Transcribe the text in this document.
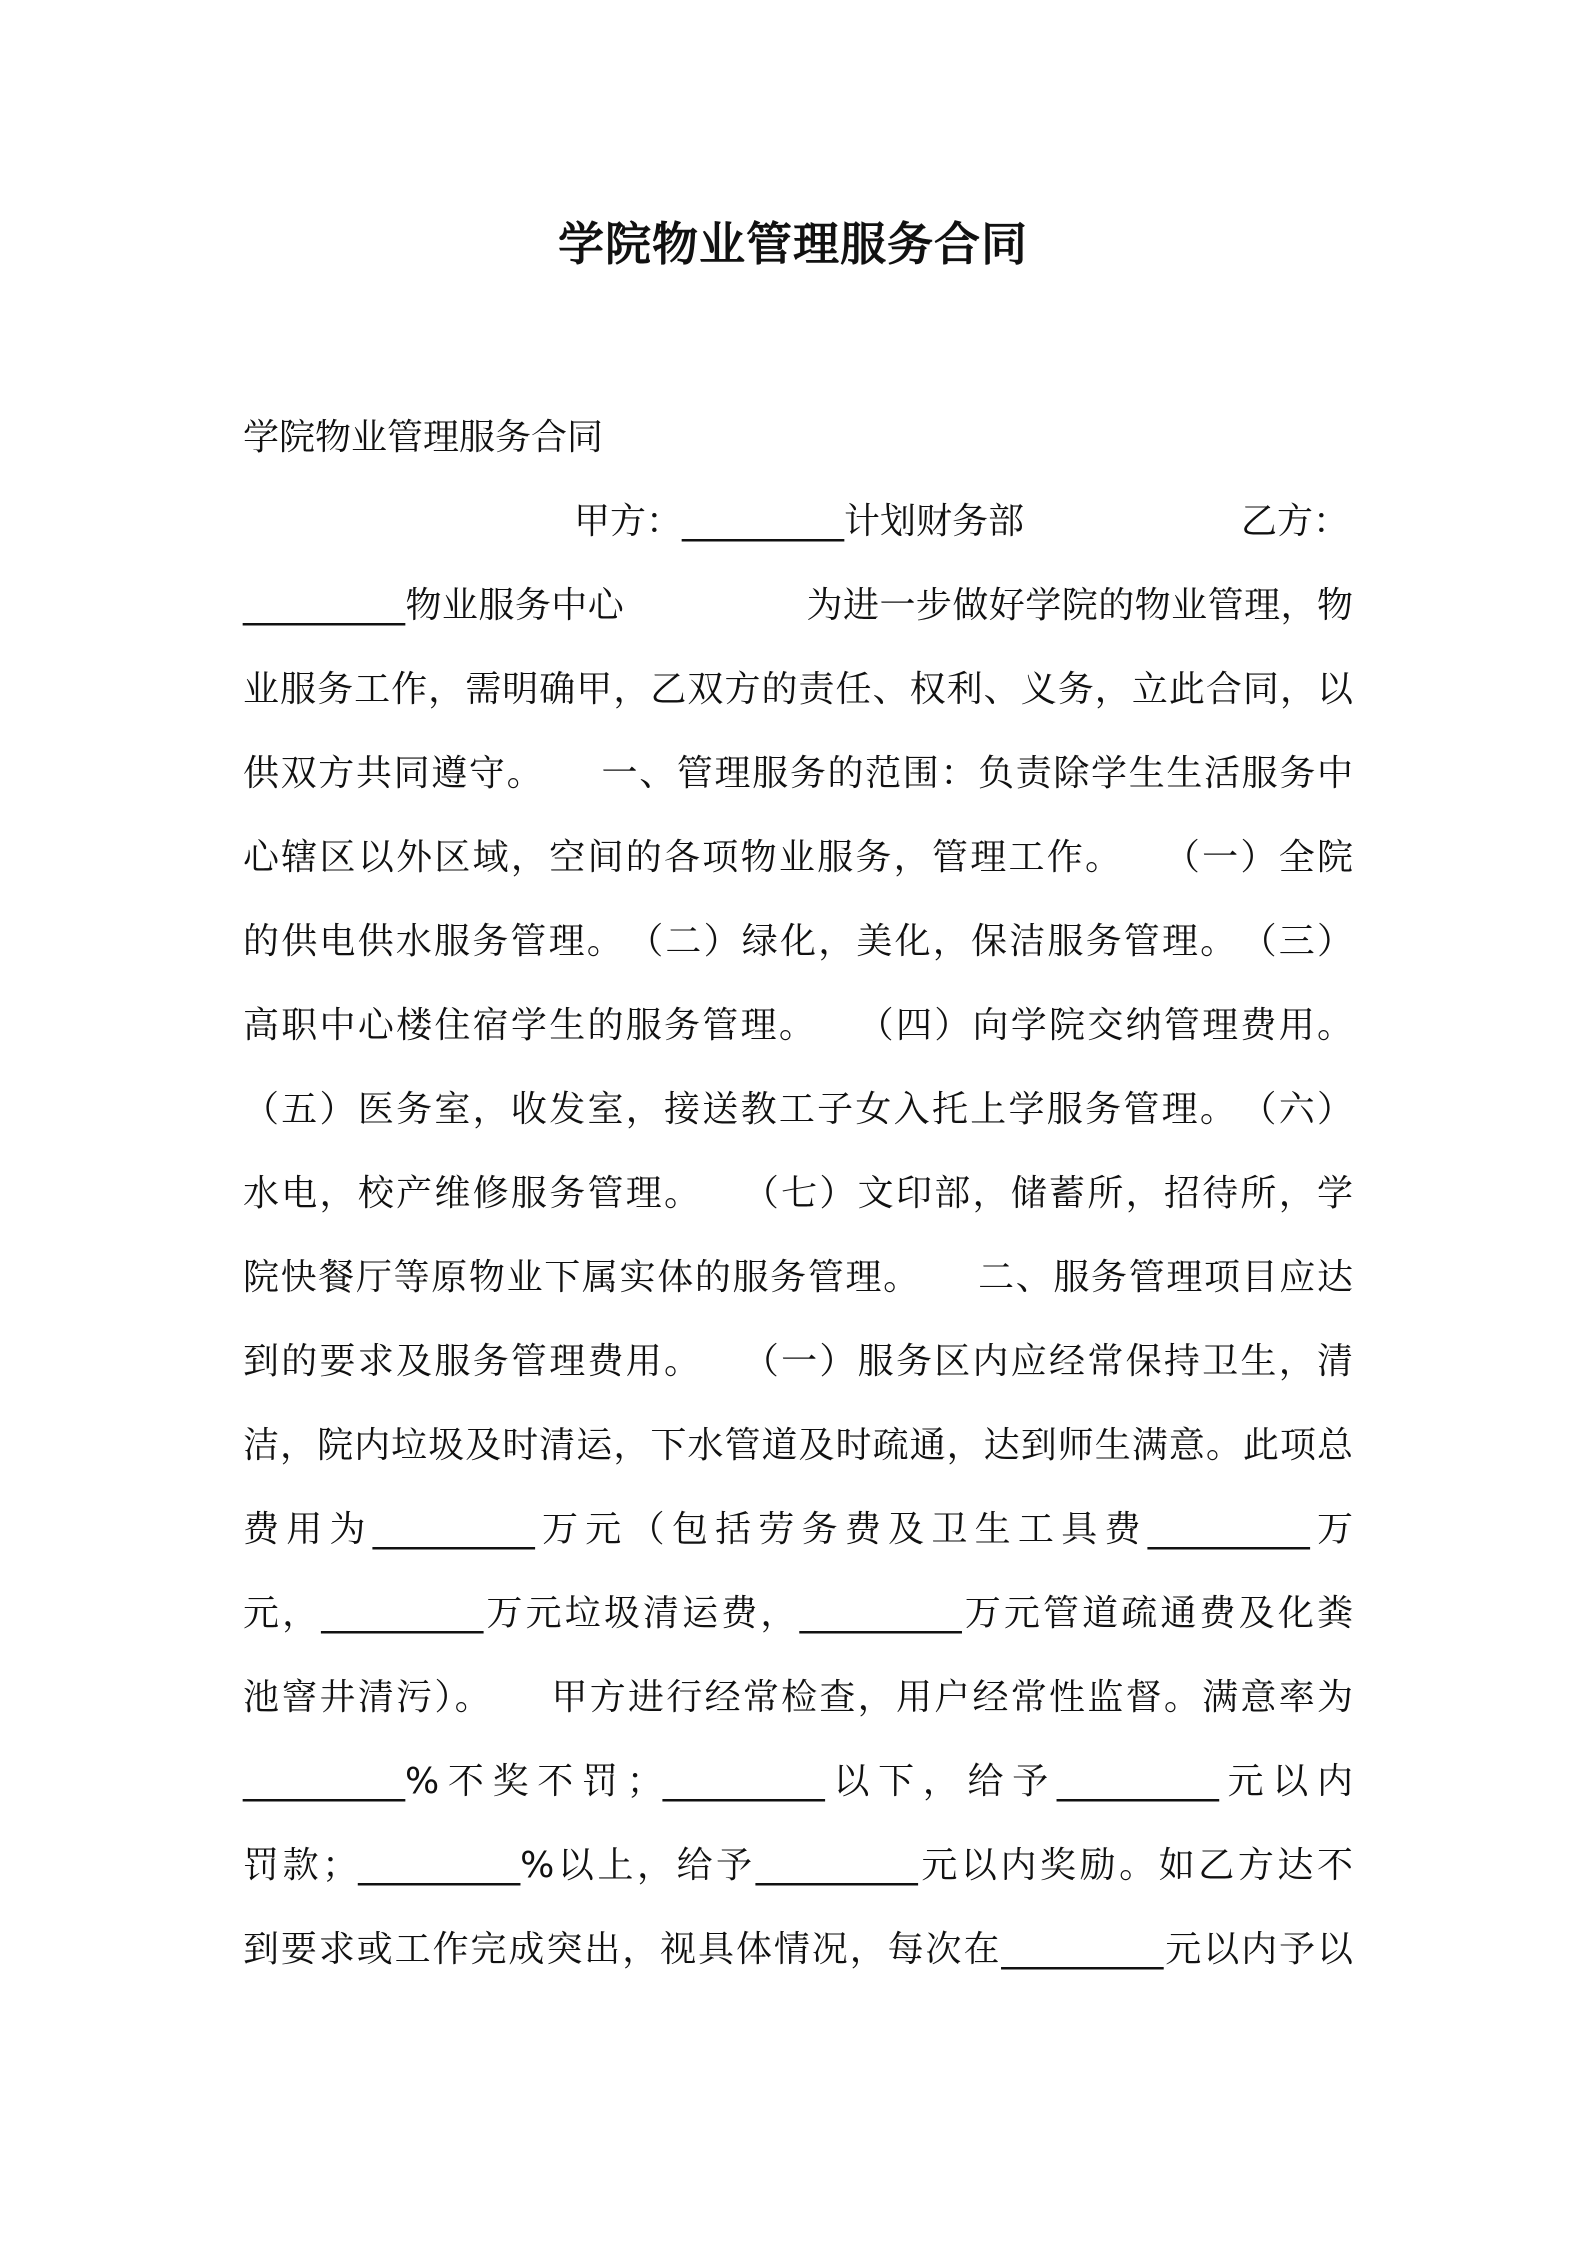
学院物业管理服务合同
学院物业管理服务合同
甲方：_________计划财务部	乙方：
_________物业服务中心　　　　　为进一步做好学院的物业管理，物
业服务工作，需明确甲，乙双方的责任、权利、义务，立此合同，以
供双方共同遵守。　　一、管理服务的范围：负责除学生生活服务中
心辖区以外区域，空间的各项物业服务，管理工作。　　（一）全院
的供电供水服务管理。　（二）绿化，美化，保洁服务管理。　（三）
高职中心楼住宿学生的服务管理。　　（四）向学院交纳管理费用。
（五）医务室，收发室，接送教工子女入托上学服务管理。　（六）
水电，校产维修服务管理。　　（七）文印部，储蓄所，招待所，学
院快餐厅等原物业下属实体的服务管理。　　二、服务管理项目应达
到的要求及服务管理费用。　　（一）服务区内应经常保持卫生，清
洁，院内垃圾及时清运，下水管道及时疏通，达到师生满意。此项总
费用为_________万元（包括劳务费及卫生工具费_________万
元，_________万元垃圾清运费，_________万元管道疏通费及化粪
池窨井清污）。　　甲方进行经常检查，用户经常性监督。满意率为
_________%不奖不罚；_________以下，给予_________元以内
罚款；_________%以上，给予_________元以内奖励。如乙方达不
到要求或工作完成突出，视具体情况，每次在_________元以内予以
